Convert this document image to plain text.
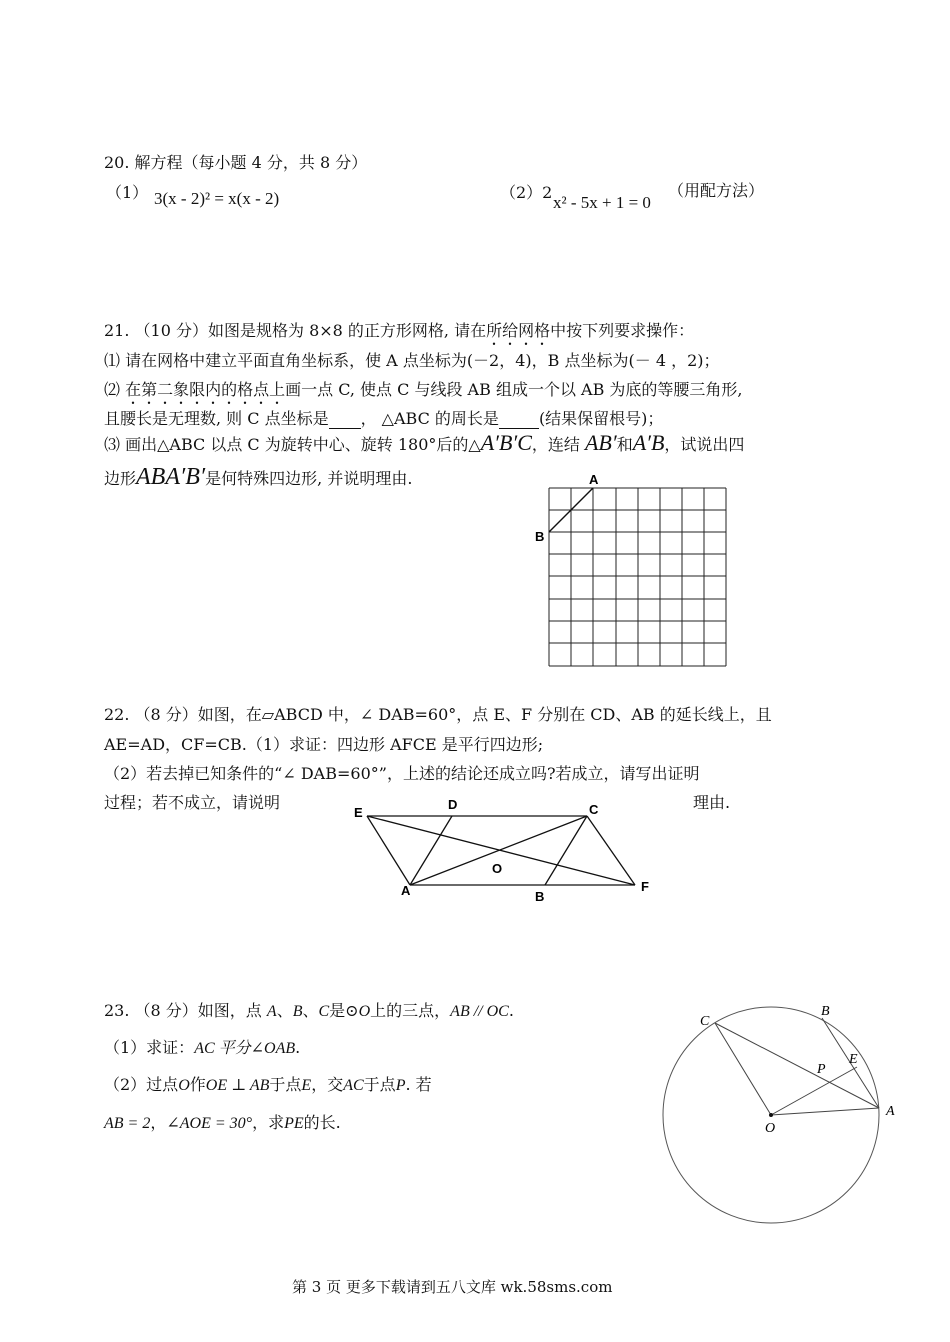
20. 解方程（每小题 4 分，共 8 分）
（1） 3(x - 2)² = x(x - 2)	（2）2
x² - 5x + 1 = 0
（用配方法）
21. （10 分）如图是规格为 8×8 的正方形网格, 请在所给网格中按下列要求操作：
⑴ 请在网格中建立平面直角坐标系，使 A 点坐标为(－2，4)，B 点坐标为(－ 4 ，2)；
⑵ 在第二象限内的格点上画一点 C, 使点 C 与线段 AB 组成一个以 AB 为底的等腰三角形,
且腰长是无理数, 则 C 点坐标是 ， △ABC 的周长是	(结果保留根号)；
⑶ 画出△ABC 以点 C 为旋转中心、旋转 180°后的△A′B′C，连结 AB′和A′B，试说出四
边形ABA′B′是何特殊四边形, 并说明理由.	A
B
22. （8 分）如图，在▱ABCD 中，∠ DAB=60°，点 E、F 分别在 CD、AB 的延长线上，且
AE=AD，CF=CB.（1）求证：四边形 AFCE 是平行四边形;
（2）若去掉已知条件的“∠ DAB=60°”，上述的结论还成立吗?若成立，请写出证明
过程；若不成立，请说明	理由.
E
D	C
O
A	B
F
23. （8 分）如图，点 A、B、C是⊙O上的三点，AB // OC.
（1）求证：AC 平分∠OAB.
（2）过点O作OE ⊥ AB于点E，交AC于点P. 若
AB = 2，∠AOE = 30°，求PE的长.
C
B
E
P
A
O
第 3 页 更多下载请到五八文库 wk.58sms.com
